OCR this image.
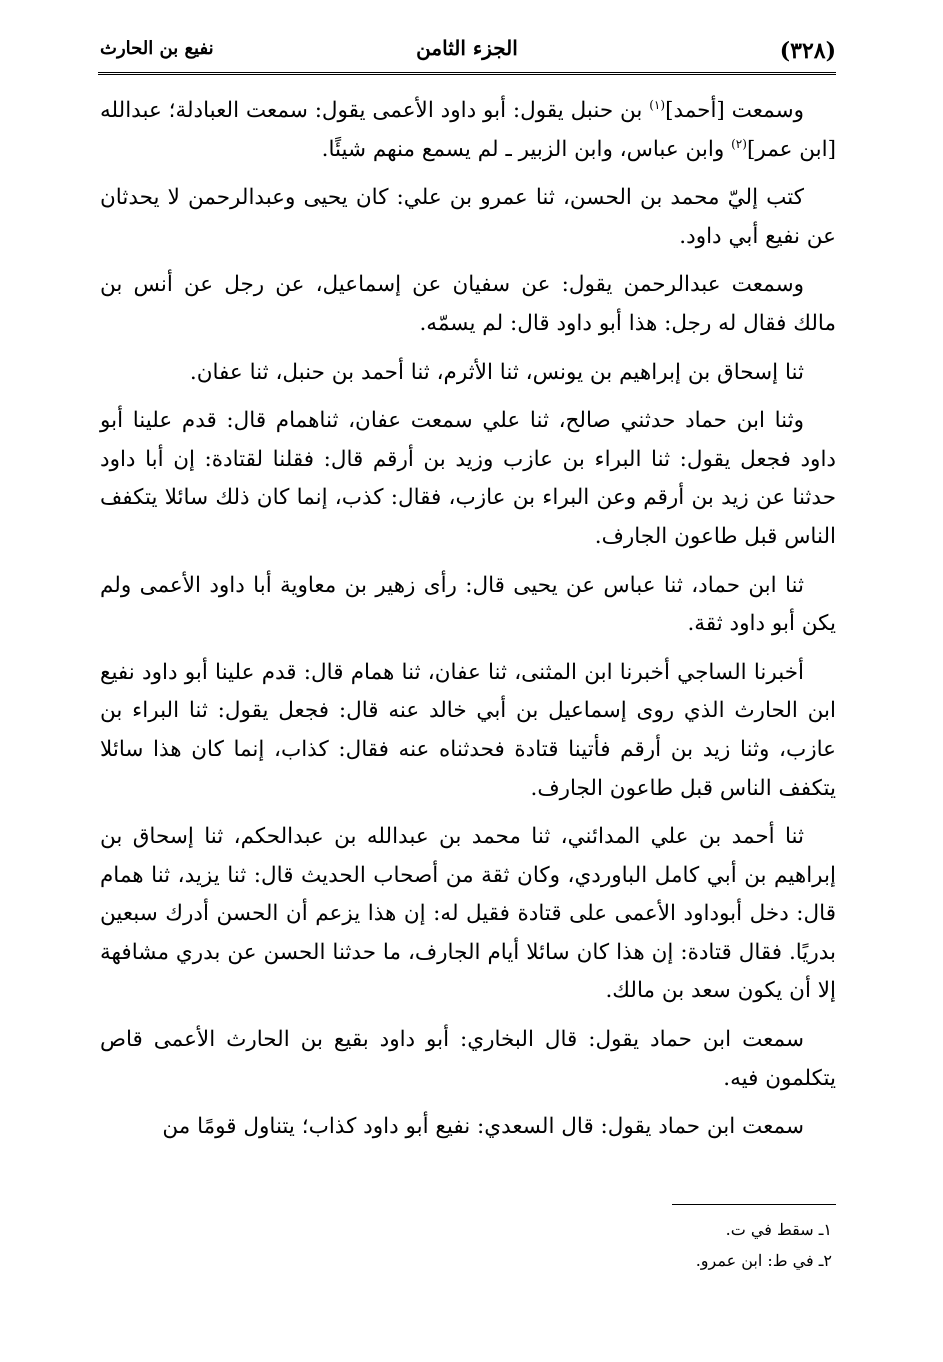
(٣٢٨)
الجزء الثامن
نفيع بن الحارث

وسمعت [أحمد]$^{(١)}$ بن حنبل يقول: أبو داود الأعمى يقول: سمعت العبادلة؛ عبدالله [ابن عمر]$^{(٢)}$ وابن عباس، وابن الزبير ـ لم يسمع منهم شيئًا.

كتب إليّ محمد بن الحسن، ثنا عمرو بن علي: كان يحيى وعبدالرحمن لا يحدثان عن نفيع أبي داود.

وسمعت عبدالرحمن يقول: عن سفيان عن إسماعيل، عن رجل عن أنس بن مالك فقال له رجل: هذا أبو داود قال: لم يسمّه.

ثنا إسحاق بن إبراهيم بن يونس، ثنا الأثرم، ثنا أحمد بن حنبل، ثنا عفان.

وثنا ابن حماد حدثني صالح، ثنا علي سمعت عفان، ثناهمام قال: قدم علينا أبو داود فجعل يقول: ثنا البراء بن عازب وزيد بن أرقم قال: فقلنا لقتادة: إن أبا داود حدثنا عن زيد بن أرقم وعن البراء بن عازب، فقال: كذب، إنما كان ذلك سائلا يتكفف الناس قبل طاعون الجارف.

ثنا ابن حماد، ثنا عباس عن يحيى قال: رأى زهير بن معاوية أبا داود الأعمى ولم يكن أبو داود ثقة.

أخبرنا الساجي أخبرنا ابن المثنى، ثنا عفان، ثنا همام قال: قدم علينا أبو داود نفيع ابن الحارث الذي روى إسماعيل بن أبي خالد عنه قال: فجعل يقول: ثنا البراء بن عازب، وثنا زيد بن أرقم فأتينا قتادة فحدثناه عنه فقال: كذاب، إنما كان هذا سائلا يتكفف الناس قبل طاعون الجارف.

ثنا أحمد بن علي المدائني، ثنا محمد بن عبدالله بن عبدالحكم، ثنا إسحاق بن إبراهيم بن أبي كامل الباوردي، وكان ثقة من أصحاب الحديث قال: ثنا يزيد، ثنا همام قال: دخل أبوداود الأعمى على قتادة فقيل له: إن هذا يزعم أن الحسن أدرك سبعين بدريًا. فقال قتادة: إن هذا كان سائلا أيام الجارف، ما حدثنا الحسن عن بدري مشافهة إلا أن يكون سعد بن مالك.

سمعت ابن حماد يقول: قال البخاري: أبو داود بقيع بن الحارث الأعمى قاص يتكلمون فيه.

سمعت ابن حماد يقول: قال السعدي: نفيع أبو داود كذاب؛ يتناول قومًا من

١ـ سقط في ت.

٢ـ في ط: ابن عمرو.
